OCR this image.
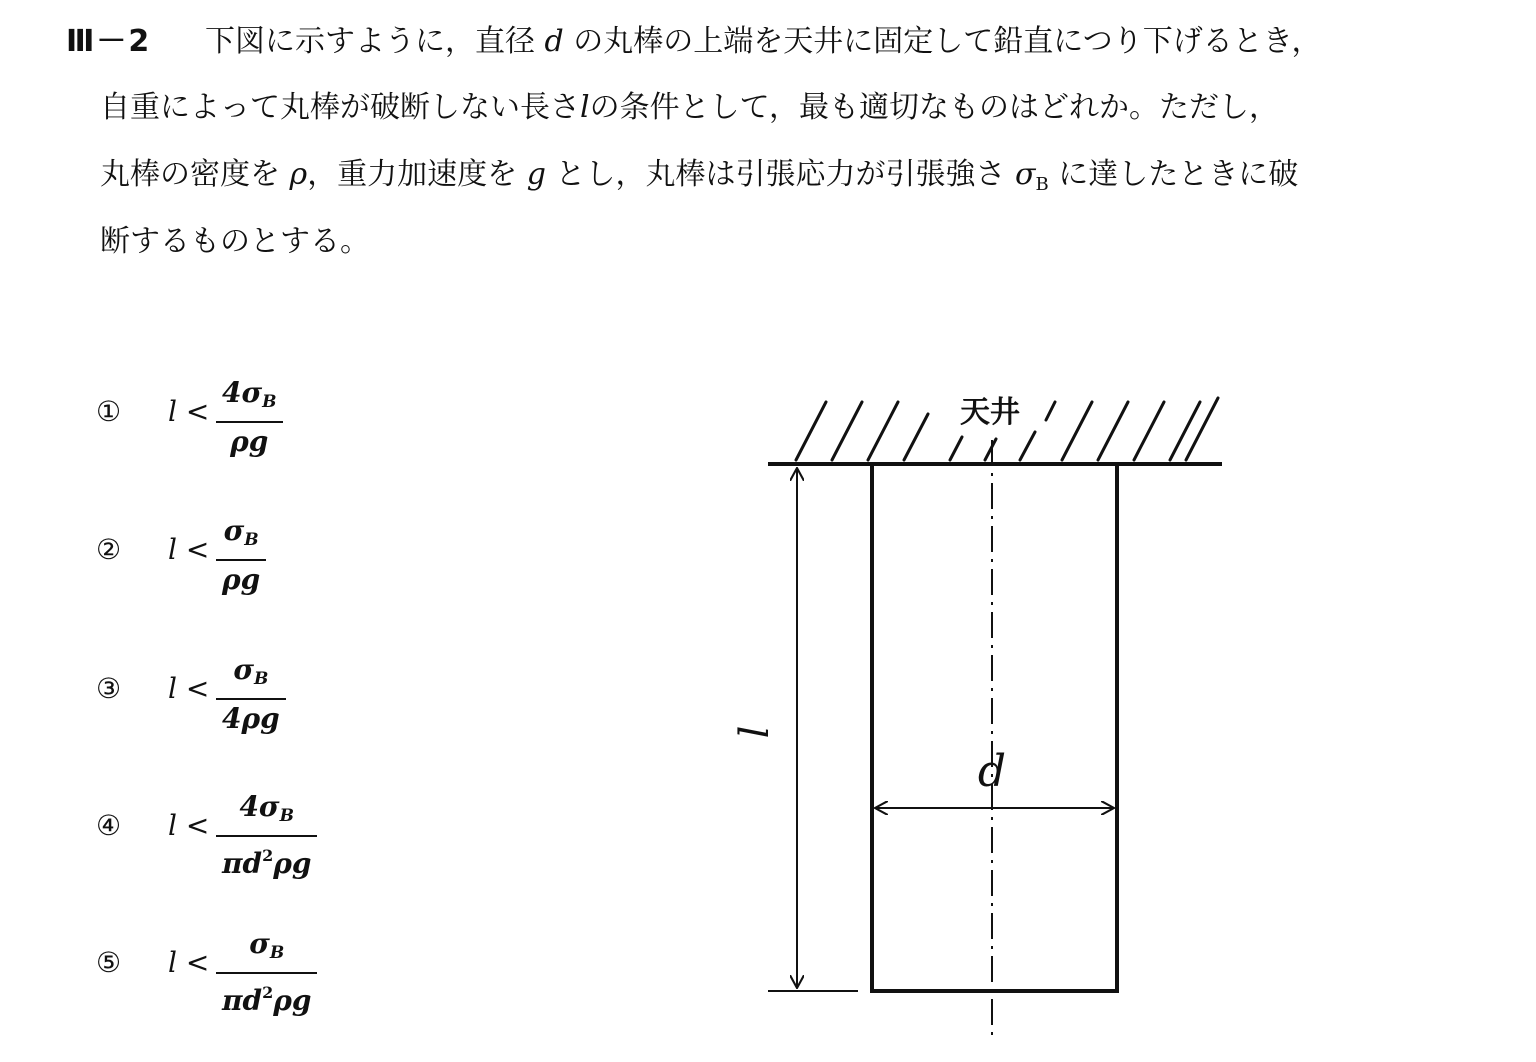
Ⅲ－2 下図に示すように，直径 d の丸棒の上端を天井に固定して鉛直につり下げるとき，
自重によって丸棒が破断しない長さlの条件として，最も適切なものはどれか。ただし，
丸棒の密度を ρ，重力加速度を g とし，丸棒は引張応力が引張強さ $\sigma_B$ に達したときに破
断するものとする。
① l <
4σB
ρg
② l <
σB
ρg
③ l <
σB
4ρg
④ l <
4σB
$\pi d^2\rho g$
⑤ l <
σB
$\pi d^2\rho g$
天井
l
d
